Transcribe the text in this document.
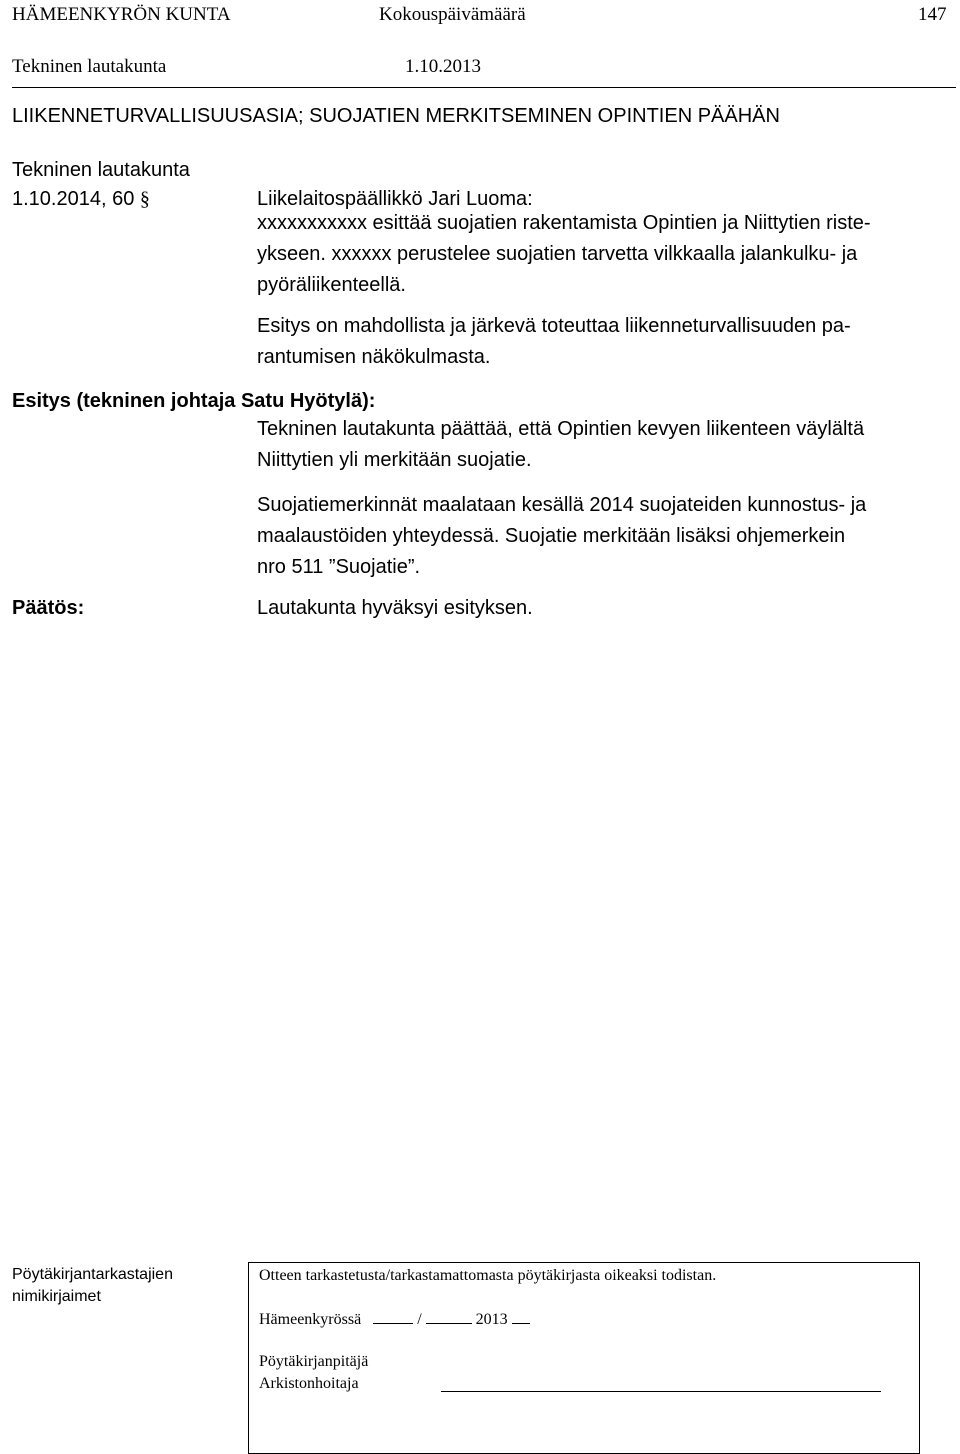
HÄMEENKYRÖN KUNTA	Kokouspäivämäärä	147
Tekninen lautakunta	1.10.2013
LIIKENNETURVALLISUUSASIA; SUOJATIEN MERKITSEMINEN OPINTIEN PÄÄHÄN
Tekninen lautakunta
1.10.2014, 60 §	Liikelaitospäällikkö Jari Luoma:
xxxxxxxxxxx esittää suojatien rakentamista Opintien ja Niittytien riste-
ykseen. xxxxxx perustelee suojatien tarvetta vilkkaalla jalankulku- ja
pyöräliikenteellä.
Esitys on mahdollista ja järkevä toteuttaa liikenneturvallisuuden pa-
rantumisen näkökulmasta.
Esitys (tekninen johtaja Satu Hyötylä):
Tekninen lautakunta päättää, että Opintien kevyen liikenteen väylältä
Niittytien yli merkitään suojatie.
Suojatiemerkinnät maalataan kesällä 2014 suojateiden kunnostus- ja
maalaustöiden yhteydessä. Suojatie merkitään lisäksi ohjemerkein
nro 511 ”Suojatie”.
Päätös:	Lautakunta hyväksyi esityksen.
Pöytäkirjantarkastajien
nimikirjaimet
Otteen tarkastetusta/tarkastamattomasta pöytäkirjasta oikeaksi todistan.
Hämeenkyrössä	/	2013
Pöytäkirjanpitäjä
Arkistonhoitaja
